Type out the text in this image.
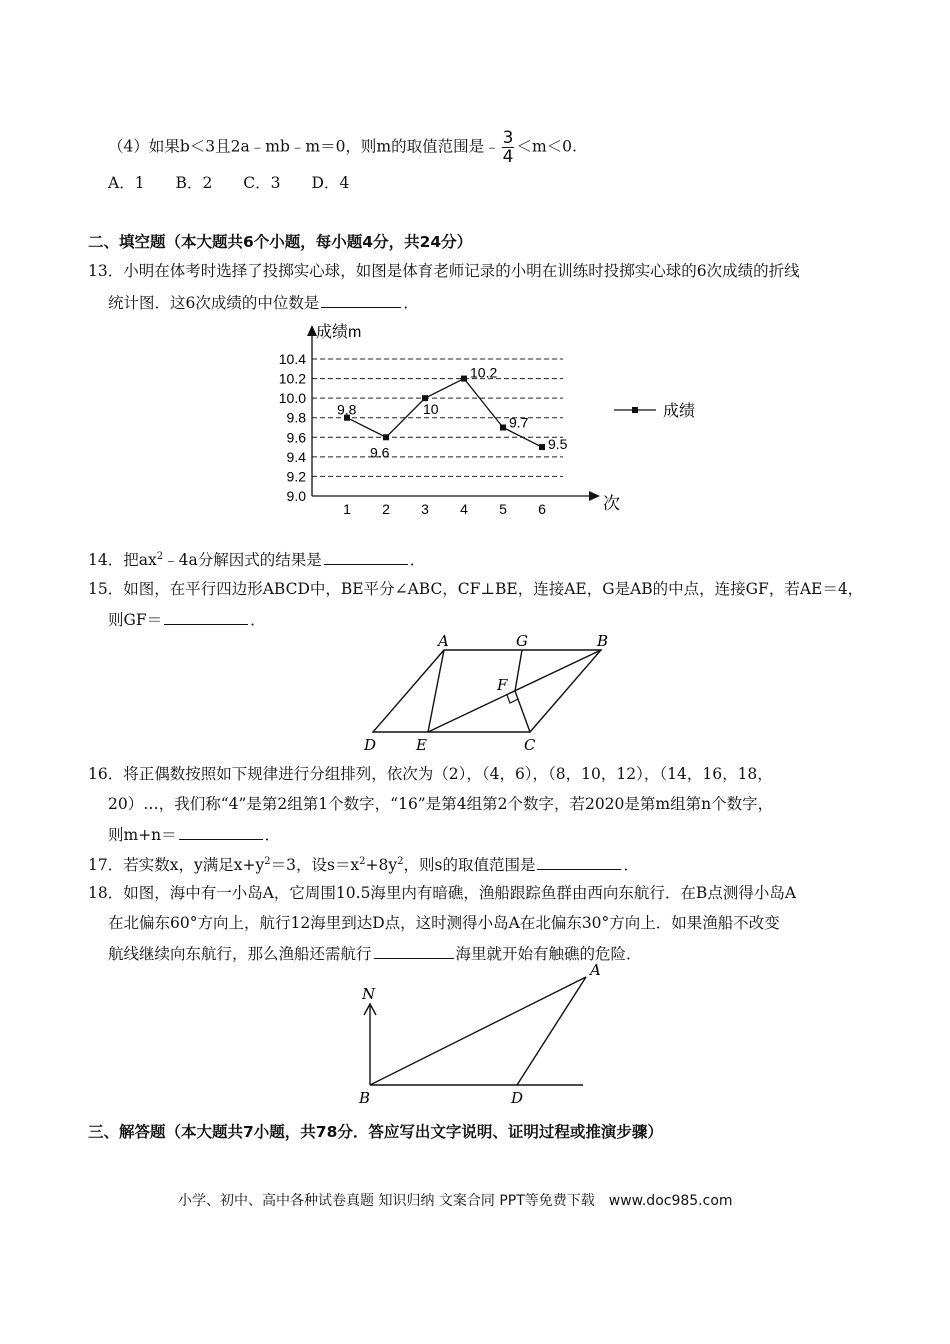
（4）如果b＜3且2a﹣mb﹣m＝0，则m的取值范围是﹣ $\frac{3}{4} <m<0$.
A．1　　B．2　　C．3　　D．4
二、填空题（本大题共6个小题，每小题4分，共24分）
13．小明在体考时选择了投掷实心球，如图是体育老师记录的小明在训练时投掷实心球的6次成绩的折线
统计图．这6次成绩的中位数是	．
成绩m
次
9.0
9.2
9.4
9.6
9.8
10.0
10.2
10.4
1 2 3 4 5 6
9.8
9.6
10
10.2
9.7
9.5
成绩
14．把$ax^2﹣4a$分解因式的结果是	．
15．如图，在平行四边形ABCD中，BE平分∠ABC，CF⊥BE，连接AE，G是AB的中点，连接GF，若AE＝4，
则GF＝	．
A	G	B
F
D	E	C
16．将正偶数按照如下规律进行分组排列，依次为（2），（4，6），（8，10，12），（14，16，18，
20）…，我们称“4”是第2组第1个数字，“16”是第4组第2个数字，若2020是第m组第n个数字，
则m+n＝	．
17．若实数x，y满足$x+y^2=3$，设$s=x^2+8y^2$，则s的取值范围是	．
18．如图，海中有一小岛A，它周围10.5海里内有暗礁，渔船跟踪鱼群由西向东航行．在B点测得小岛A
在北偏东60°方向上，航行12海里到达D点，这时测得小岛A在北偏东30°方向上．如果渔船不改变
航线继续向东航行，那么渔船还需航行	海里就开始有触礁的危险．
N
A
B	D
三、解答题（本大题共7小题，共78分．答应写出文字说明、证明过程或推演步骤）
小学、初中、高中各种试卷真题 知识归纳 文案合同 PPT等免费下载　www.doc985.com
